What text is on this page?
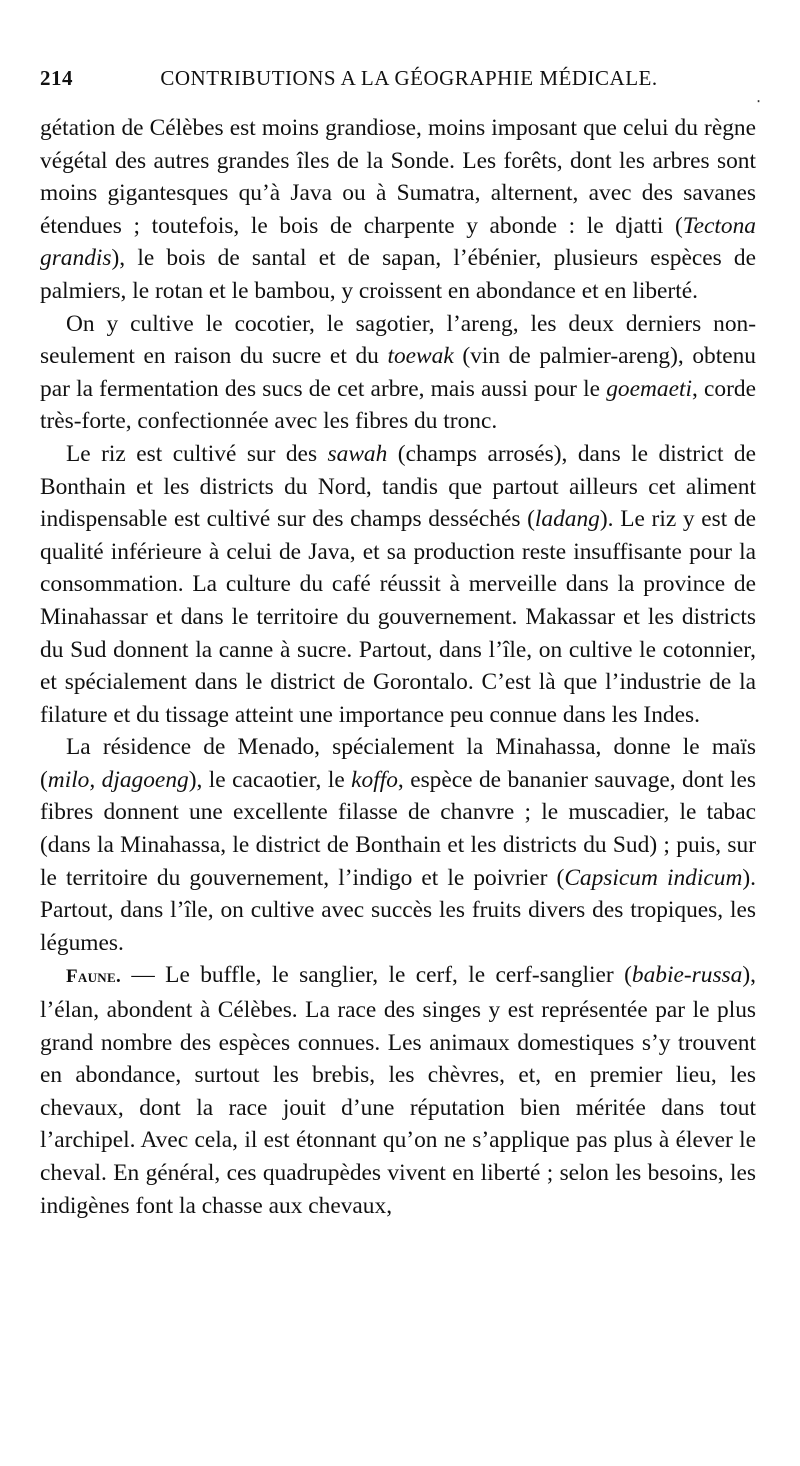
214	CONTRIBUTIONS A LA GÉOGRAPHIE MÉDICALE.
‧

gétation de Célèbes est moins grandiose, moins imposant que celui du règne végétal des autres grandes îles de la Sonde. Les forêts, dont les arbres sont moins gigantesques qu’à Java ou à Sumatra, alternent, avec des savanes étendues ; toutefois, le bois de charpente y abonde : le djatti (Tectona grandis), le bois de santal et de sapan, l’ébénier, plusieurs espèces de palmiers, le rotan et le bambou, y croissent en abondance et en liberté.

On y cultive le cocotier, le sagotier, l’areng, les deux derniers non-seulement en raison du sucre et du toewak (vin de palmier-areng), obtenu par la fermentation des sucs de cet arbre, mais aussi pour le goemaeti, corde très-forte, confectionnée avec les fibres du tronc.

Le riz est cultivé sur des sawah (champs arrosés), dans le district de Bonthain et les districts du Nord, tandis que partout ailleurs cet aliment indispensable est cultivé sur des champs desséchés (ladang). Le riz y est de qualité inférieure à celui de Java, et sa production reste insuffisante pour la consommation. La culture du café réussit à merveille dans la province de Minahassar et dans le territoire du gouvernement. Makassar et les districts du Sud donnent la canne à sucre. Partout, dans l’île, on cultive le cotonnier, et spécialement dans le district de Gorontalo. C’est là que l’industrie de la filature et du tissage atteint une importance peu connue dans les Indes.

La résidence de Menado, spécialement la Minahassa, donne le maïs (milo, djagoeng), le cacaotier, le koffo, espèce de bananier sauvage, dont les fibres donnent une excellente filasse de chanvre ; le muscadier, le tabac (dans la Minahassa, le district de Bonthain et les districts du Sud) ; puis, sur le territoire du gouvernement, l’indigo et le poivrier (Capsicum indicum). Partout, dans l’île, on cultive avec succès les fruits divers des tropiques, les légumes.

Faune. — Le buffle, le sanglier, le cerf, le cerf-sanglier (babie-russa), l’élan, abondent à Célèbes. La race des singes y est représentée par le plus grand nombre des espèces connues. Les animaux domestiques s’y trouvent en abondance, surtout les brebis, les chèvres, et, en premier lieu, les chevaux, dont la race jouit d’une réputation bien méritée dans tout l’archipel. Avec cela, il est étonnant qu’on ne s’applique pas plus à élever le cheval. En général, ces quadrupèdes vivent en liberté ; selon les besoins, les indigènes font la chasse aux chevaux,
